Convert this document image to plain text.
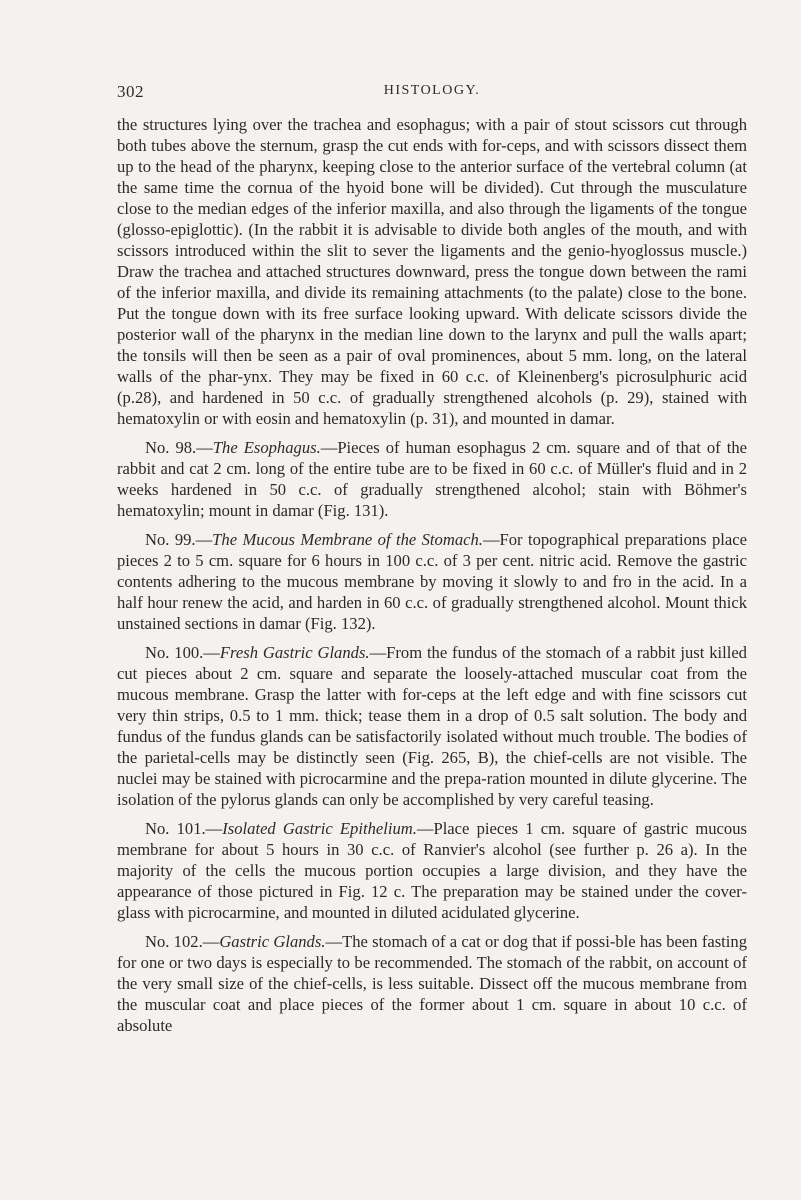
302	HISTOLOGY.

the structures lying over the trachea and esophagus; with a pair of stout scissors cut through both tubes above the sternum, grasp the cut ends with for-ceps, and with scissors dissect them up to the head of the pharynx, keeping close to the anterior surface of the vertebral column (at the same time the cornua of the hyoid bone will be divided). Cut through the musculature close to the median edges of the inferior maxilla, and also through the ligaments of the tongue (glosso-epiglottic). (In the rabbit it is advisable to divide both angles of the mouth, and with scissors introduced within the slit to sever the ligaments and the genio-hyoglossus muscle.) Draw the trachea and attached structures downward, press the tongue down between the rami of the inferior maxilla, and divide its remaining attachments (to the palate) close to the bone. Put the tongue down with its free surface looking upward. With delicate scissors divide the posterior wall of the pharynx in the median line down to the larynx and pull the walls apart; the tonsils will then be seen as a pair of oval prominences, about 5 mm. long, on the lateral walls of the phar-ynx. They may be fixed in 60 c.c. of Kleinenberg's picrosulphuric acid (p.28), and hardened in 50 c.c. of gradually strengthened alcohols (p. 29), stained with hematoxylin or with eosin and hematoxylin (p. 31), and mounted in damar.

No. 98.—The Esophagus.—Pieces of human esophagus 2 cm. square and of that of the rabbit and cat 2 cm. long of the entire tube are to be fixed in 60 c.c. of Müller's fluid and in 2 weeks hardened in 50 c.c. of gradually strengthened alcohol; stain with Böhmer's hematoxylin; mount in damar (Fig. 131).

No. 99.—The Mucous Membrane of the Stomach.—For topographical preparations place pieces 2 to 5 cm. square for 6 hours in 100 c.c. of 3 per cent. nitric acid. Remove the gastric contents adhering to the mucous membrane by moving it slowly to and fro in the acid. In a half hour renew the acid, and harden in 60 c.c. of gradually strengthened alcohol. Mount thick unstained sections in damar (Fig. 132).

No. 100.—Fresh Gastric Glands.—From the fundus of the stomach of a rabbit just killed cut pieces about 2 cm. square and separate the loosely-attached muscular coat from the mucous membrane. Grasp the latter with for-ceps at the left edge and with fine scissors cut very thin strips, 0.5 to 1 mm. thick; tease them in a drop of 0.5 salt solution. The body and fundus of the fundus glands can be satisfactorily isolated without much trouble. The bodies of the parietal-cells may be distinctly seen (Fig. 265, B), the chief-cells are not visible. The nuclei may be stained with picrocarmine and the prepa-ration mounted in dilute glycerine. The isolation of the pylorus glands can only be accomplished by very careful teasing.

No. 101.—Isolated Gastric Epithelium.—Place pieces 1 cm. square of gastric mucous membrane for about 5 hours in 30 c.c. of Ranvier's alcohol (see further p. 26 a). In the majority of the cells the mucous portion occupies a large division, and they have the appearance of those pictured in Fig. 12 c. The preparation may be stained under the cover-glass with picrocarmine, and mounted in diluted acidulated glycerine.

No. 102.—Gastric Glands.—The stomach of a cat or dog that if possi-ble has been fasting for one or two days is especially to be recommended. The stomach of the rabbit, on account of the very small size of the chief-cells, is less suitable. Dissect off the mucous membrane from the muscular coat and place pieces of the former about 1 cm. square in about 10 c.c. of absolute
